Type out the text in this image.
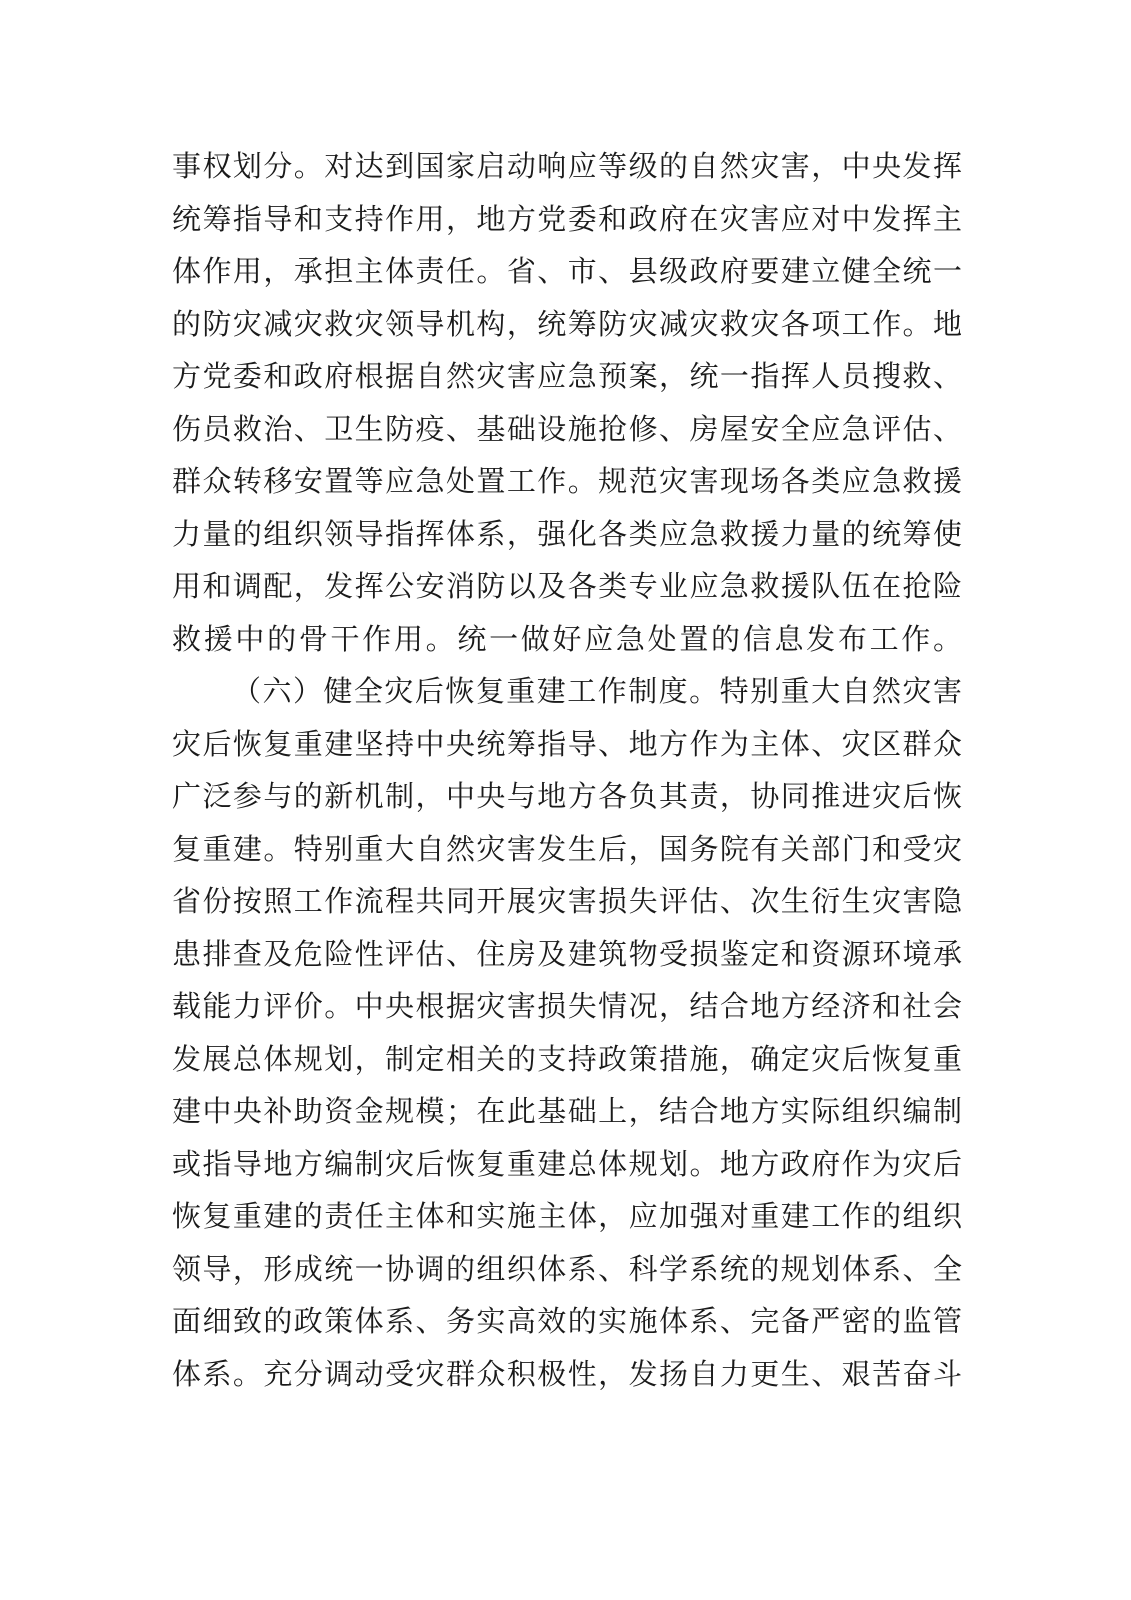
事权划分。对达到国家启动响应等级的自然灾害，中央发挥
统筹指导和支持作用，地方党委和政府在灾害应对中发挥主
体作用，承担主体责任。省、市、县级政府要建立健全统一
的防灾减灾救灾领导机构，统筹防灾减灾救灾各项工作。地
方党委和政府根据自然灾害应急预案，统一指挥人员搜救、
伤员救治、卫生防疫、基础设施抢修、房屋安全应急评估、
群众转移安置等应急处置工作。规范灾害现场各类应急救援
力量的组织领导指挥体系，强化各类应急救援力量的统筹使
用和调配，发挥公安消防以及各类专业应急救援队伍在抢险
救援中的骨干作用。统一做好应急处置的信息发布工作。
（六）健全灾后恢复重建工作制度。特别重大自然灾害
灾后恢复重建坚持中央统筹指导、地方作为主体、灾区群众
广泛参与的新机制，中央与地方各负其责，协同推进灾后恢
复重建。特别重大自然灾害发生后，国务院有关部门和受灾
省份按照工作流程共同开展灾害损失评估、次生衍生灾害隐
患排查及危险性评估、住房及建筑物受损鉴定和资源环境承
载能力评价。中央根据灾害损失情况，结合地方经济和社会
发展总体规划，制定相关的支持政策措施，确定灾后恢复重
建中央补助资金规模；在此基础上，结合地方实际组织编制
或指导地方编制灾后恢复重建总体规划。地方政府作为灾后
恢复重建的责任主体和实施主体，应加强对重建工作的组织
领导，形成统一协调的组织体系、科学系统的规划体系、全
面细致的政策体系、务实高效的实施体系、完备严密的监管
体系。充分调动受灾群众积极性，发扬自力更生、艰苦奋斗
